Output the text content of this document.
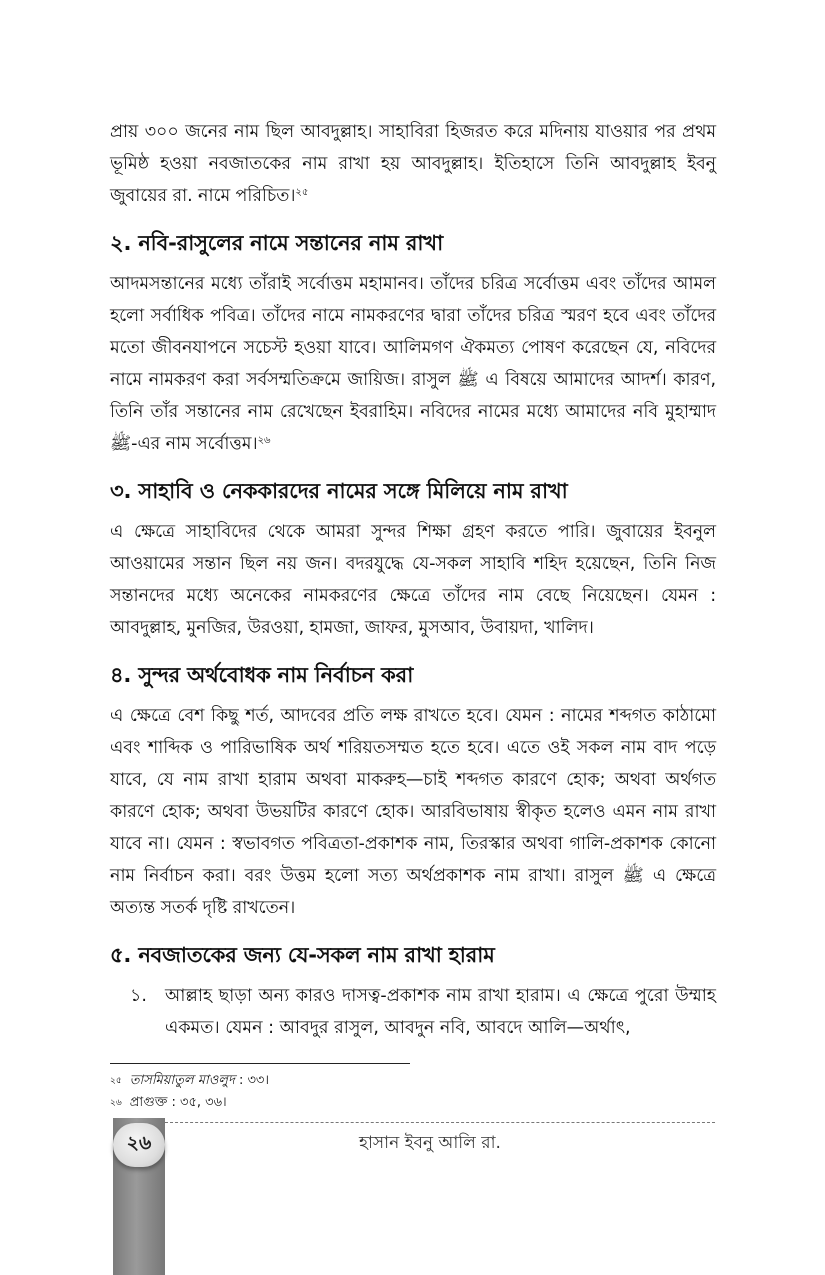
প্রায় ৩০০ জনের নাম ছিল আবদুল্লাহ। সাহাবিরা হিজরত করে মদিনায় যাওয়ার পর প্রথম ভূমিষ্ঠ হওয়া নবজাতকের নাম রাখা হয় আবদুল্লাহ। ইতিহাসে তিনি আবদুল্লাহ ইবনু জুবায়ের রা. নামে পরিচিত।$^{২৫}$

২. নবি-রাসুলের নামে সন্তানের নাম রাখা

আদমসন্তানের মধ্যে তাঁরাই সর্বোত্তম মহামানব। তাঁদের চরিত্র সর্বোত্তম এবং তাঁদের আমল হলো সর্বাধিক পবিত্র। তাঁদের নামে নামকরণের দ্বারা তাঁদের চরিত্র স্মরণ হবে এবং তাঁদের মতো জীবনযাপনে সচেস্ট হওয়া যাবে। আলিমগণ ঐকমত্য পোষণ করেছেন যে, নবিদের নামে নামকরণ করা সর্বসম্মতিক্রমে জায়িজ। রাসুল ﷺ এ বিষয়ে আমাদের আদর্শ। কারণ, তিনি তাঁর সন্তানের নাম রেখেছেন ইবরাহিম। নবিদের নামের মধ্যে আমাদের নবি মুহাম্মাদ ﷺ-এর নাম সর্বোত্তম।$^{২৬}$

৩. সাহাবি ও নেককারদের নামের সঙ্গে মিলিয়ে নাম রাখা

এ ক্ষেত্রে সাহাবিদের থেকে আমরা সুন্দর শিক্ষা গ্রহণ করতে পারি। জুবায়ের ইবনুল আওয়ামের সন্তান ছিল নয় জন। বদরযুদ্ধে যে-সকল সাহাবি শহিদ হয়েছেন, তিনি নিজ সন্তানদের মধ্যে অনেকের নামকরণের ক্ষেত্রে তাঁদের নাম বেছে নিয়েছেন। যেমন : আবদুল্লাহ, মুনজির, উরওয়া, হামজা, জাফর, মুসআব, উবায়দা, খালিদ।

৪. সুন্দর অর্থবোধক নাম নির্বাচন করা

এ ক্ষেত্রে বেশ কিছু শর্ত, আদবের প্রতি লক্ষ রাখতে হবে। যেমন : নামের শব্দগত কাঠামো এবং শাব্দিক ও পারিভাষিক অর্থ শরিয়তসম্মত হতে হবে। এতে ওই সকল নাম বাদ পড়ে যাবে, যে নাম রাখা হারাম অথবা মাকরুহ—চাই শব্দগত কারণে হোক; অথবা অর্থগত কারণে হোক; অথবা উভয়টির কারণে হোক। আরবিভাষায় স্বীকৃত হলেও এমন নাম রাখা যাবে না। যেমন : স্বভাবগত পবিত্রতা-প্রকাশক নাম, তিরস্কার অথবা গালি-প্রকাশক কোনো নাম নির্বাচন করা। বরং উত্তম হলো সত্য অর্থপ্রকাশক নাম রাখা। রাসুল ﷺ এ ক্ষেত্রে অত্যন্ত সতর্ক দৃষ্টি রাখতেন।

৫. নবজাতকের জন্য যে-সকল নাম রাখা হারাম
১.	আল্লাহ ছাড়া অন্য কারও দাসত্ব-প্রকাশক নাম রাখা হারাম। এ ক্ষেত্রে পুরো উম্মাহ একমত। যেমন : আবদুর রাসুল, আবদুন নবি, আবদে আলি—অর্থাৎ,
$^{২৫}$ তাসমিয়াতুল মাওলুদ : ৩৩।
$^{২৬}$ প্রাগুক্ত : ৩৫, ৩৬।
২৬	হাসান ইবনু আলি রা.
